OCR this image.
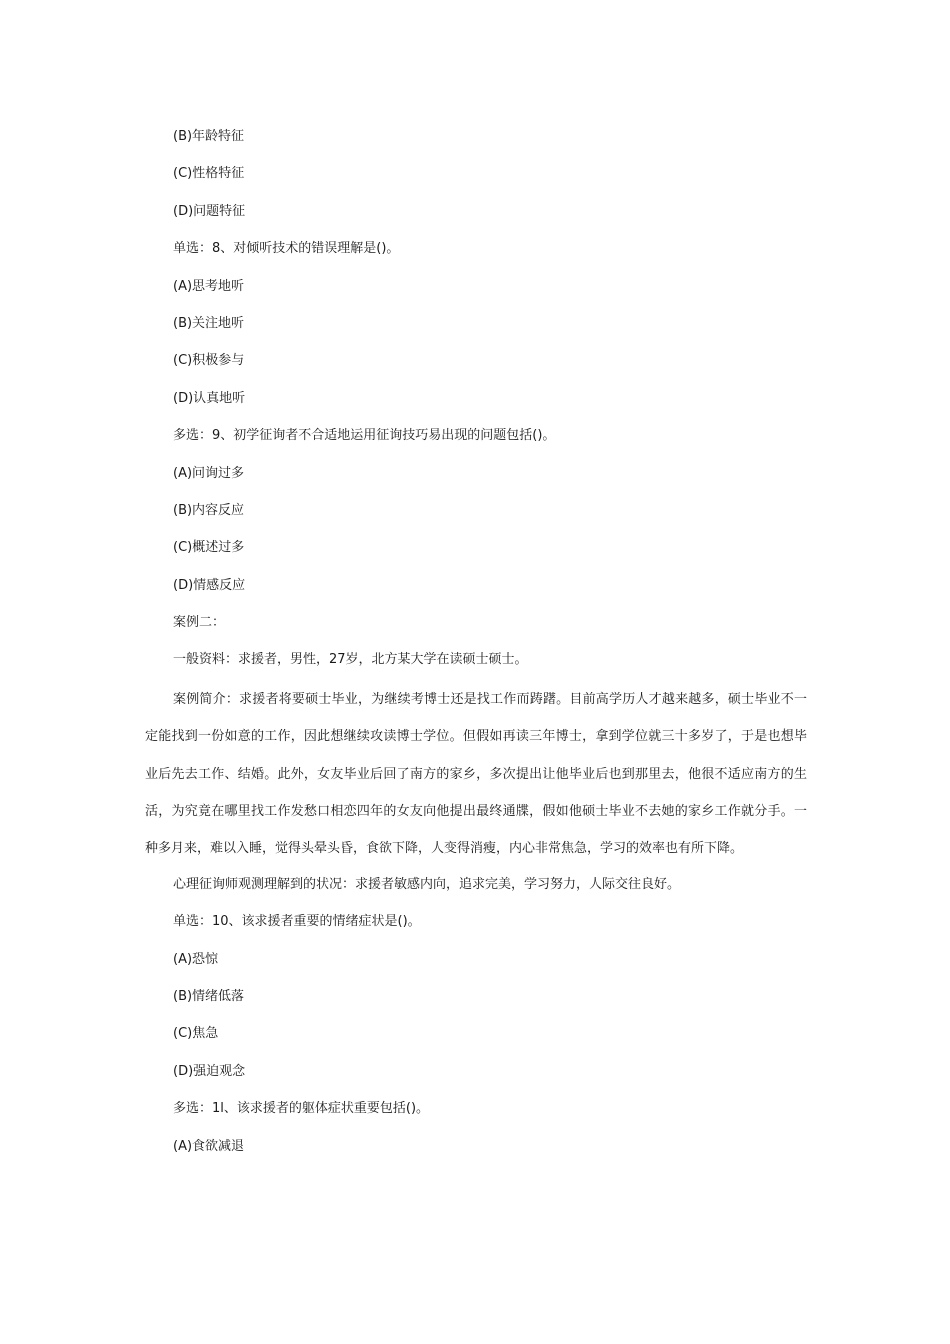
(B)年龄特征

(C)性格特征

(D)问题特征

单选：8、对倾听技术的错误理解是()。

(A)思考地听

(B)关注地听

(C)积极参与

(D)认真地听

多选：9、初学征询者不合适地运用征询技巧易出现的问题包括()。

(A)问询过多

(B)内容反应

(C)概述过多

(D)情感反应

案例二：

一般资料：求援者，男性，27岁，北方某大学在读硕士硕士。

案例简介：求援者将要硕士毕业，为继续考博士还是找工作而踌躇。目前高学历人才越来越多，硕士毕业不一定能找到一份如意的工作，因此想继续攻读博士学位。但假如再读三年博士，拿到学位就三十多岁了，于是也想毕业后先去工作、结婚。此外，女友毕业后回了南方的家乡，多次提出让他毕业后也到那里去，他很不适应南方的生活，为究竟在哪里找工作发愁口相恋四年的女友向他提出最终通牒，假如他硕士毕业不去她的家乡工作就分手。一种多月来，难以入睡，觉得头晕头昏，食欲下降，人变得消瘦，内心非常焦急，学习的效率也有所下降。

心理征询师观测理解到的状况：求援者敏感内向，追求完美，学习努力，人际交往良好。

单选：10、该求援者重要的情绪症状是()。

(A)恐惊

(B)情绪低落

(C)焦急

(D)强迫观念

多选：1l、该求援者的躯体症状重要包括()。

(A)食欲减退
